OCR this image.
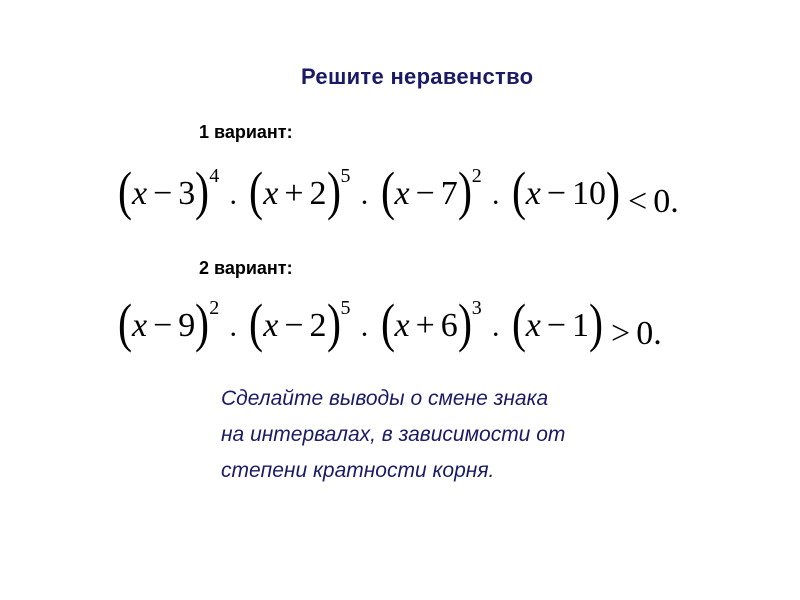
Решите неравенство
1 вариант:
( x − 3 ) 4
· ( x + 2 ) 5
· ( x − 7 ) 2
· ( x − 10 ) < 0.
2 вариант:
( x − 9 ) 2
· ( x − 2 ) 5
· ( x + 6 ) 3
· ( x − 1 ) > 0.
Сделайте выводы о смене знака
на интервалах, в зависимости от
степени кратности корня.
